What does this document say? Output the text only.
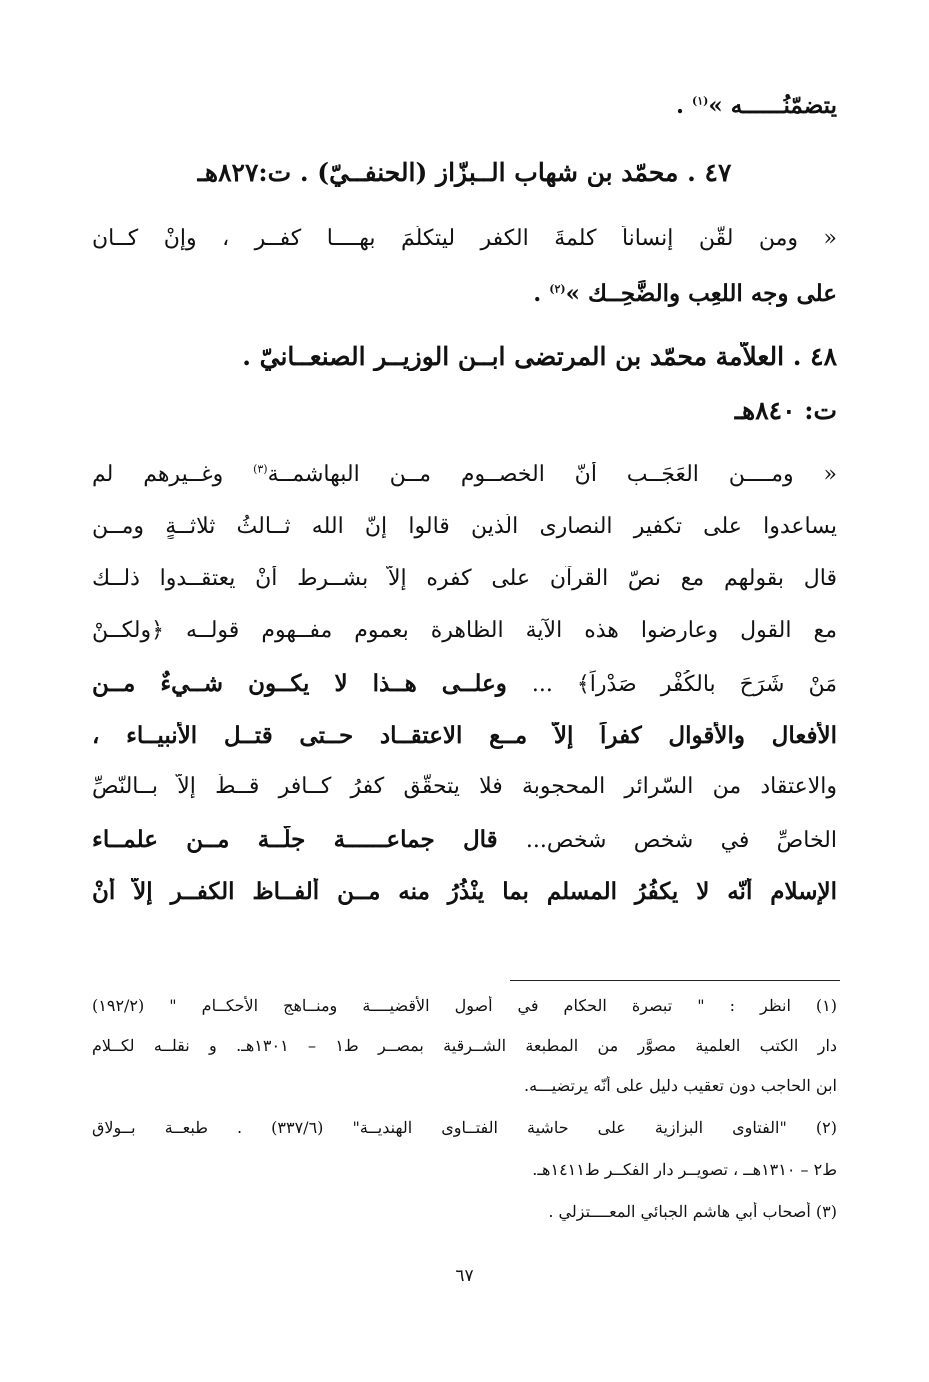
يتضمّنُــــــه »$^{(١)}$ .
٤٧ . محمّد بن شهاب الــبزّاز (الحنفــيّ) . ت:٨٢٧هـ
« ومن لقّن إنساناً كلمةَ الكفر ليتكلّمَ بهــــا كفــر ، وإنْ كــان
على وجه اللعِب والضَّحِــك »$^{(٢)}$ .
٤٨ . العلاّمة محمّد بن المرتضى ابــن الوزيــر الصنعــانيّ .
ت: ٨٤٠هـ
« ومــــن العَجَــب أنّ الخصــوم مــن البهاشمــة$^{(٣)}$ وغــيرهم لم
يساعدوا على تكفير النصارى الّذين قالوا إنّ الله ثــالثُ ثلاثــةٍ ومــن
قال بقولهم مع نصّ القرآن على كفره إلاّ بشــرط أنْ يعتقــدوا ذلــك
مع القول وعارضوا هذه الآية الظاهرة بعموم مفــهوم قولــه ﴿ولكــنْ
مَنْ شَرَحَ بالكُفْرِ صَدْراً﴾ ... وعلــى هــذا لا يكــون شــيءٌ مــن
الأفعال والأقوال كفراً إلاّ مــع الاعتقــاد حــتى قتــل الأنبيــاء ،
والاعتقاد من السّرائر المحجوبة فلا يتحقّق كفرُ كــافرٍ قــطُّ إلاّ بــالنّصِّ
الخاصِّ في شخصٍ شخص... قال جماعــــــة جلَّــة مــن علمــاء
الإسلام أنّه لا يكفُرُ المسلم بما ينْذُرُ منه مــن ألفــاظ الكفــر إلاّ أنْ
(١) انظر : " تبصرة الحكام في أصول الأقضيــــة ومنــاهج الأحكــام " (١٩٢/٢)
دار الكتب العلمية مصوَّر من المطبعة الشــرقية بمصــر ط١ – ١٣٠١هـ. و نقلــه لكــلام
ابن الحاجب دون تعقيب دليل على أنّه يرتضيـــه.
(٢) "الفتاوى البزازية على حاشية الفتــاوى الهنديــة" (٣٣٧/٦) . طبعــة بــولاق
ط٢ – ١٣١٠هــ ، تصويــر دار الفكــر ط١٤١١هـ.
(٣) أصحاب أبي هاشم الجبائي المعــــتزلي .
٦٧
